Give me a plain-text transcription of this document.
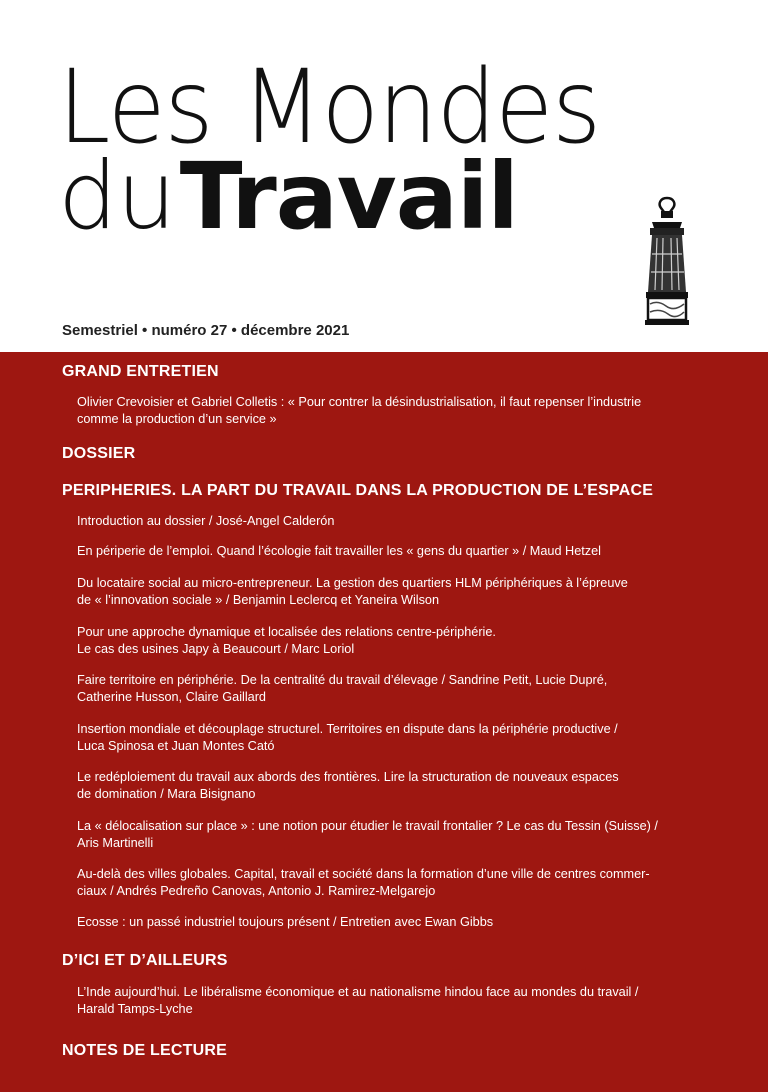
Les Mondes
du Travail
Semestriel • numéro 27 • décembre 2021
GRAND ENTRETIEN
Olivier Crevoisier et Gabriel Colletis : « Pour contrer la désindustrialisation, il faut repenser l’industrie
comme la production d’un service »
DOSSIER
PERIPHERIES. LA PART DU TRAVAIL DANS LA PRODUCTION DE L’ESPACE
Introduction au dossier / José-Angel Calderón
En périperie de l’emploi. Quand l’écologie fait travailler les « gens du quartier » / Maud Hetzel
Du locataire social au micro-entrepreneur. La gestion des quartiers HLM périphériques à l’épreuve
de « l’innovation sociale » / Benjamin Leclercq et Yaneira Wilson
Pour une approche dynamique et localisée des relations centre-périphérie.
Le cas des usines Japy à Beaucourt / Marc Loriol
Faire territoire en périphérie. De la centralité du travail d’élevage / Sandrine Petit, Lucie Dupré,
Catherine Husson, Claire Gaillard
Insertion mondiale et découplage structurel. Territoires en dispute dans la périphérie productive /
Luca Spinosa et Juan Montes Cató
Le redéploiement du travail aux abords des frontières. Lire la structuration de nouveaux espaces
de domination / Mara Bisignano
La « délocalisation sur place » : une notion pour étudier le travail frontalier ? Le cas du Tessin (Suisse) /
Aris Martinelli
Au-delà des villes globales. Capital, travail et société dans la formation d’une ville de centres commer-
ciaux / Andrés Pedreño Canovas, Antonio J. Ramirez-Melgarejo
Ecosse : un passé industriel toujours présent / Entretien avec Ewan Gibbs
D’ICI ET D’AILLEURS
L’Inde aujourd’hui. Le libéralisme économique et au nationalisme hindou face au mondes du travail /
Harald Tamps-Lyche
NOTES DE LECTURE
